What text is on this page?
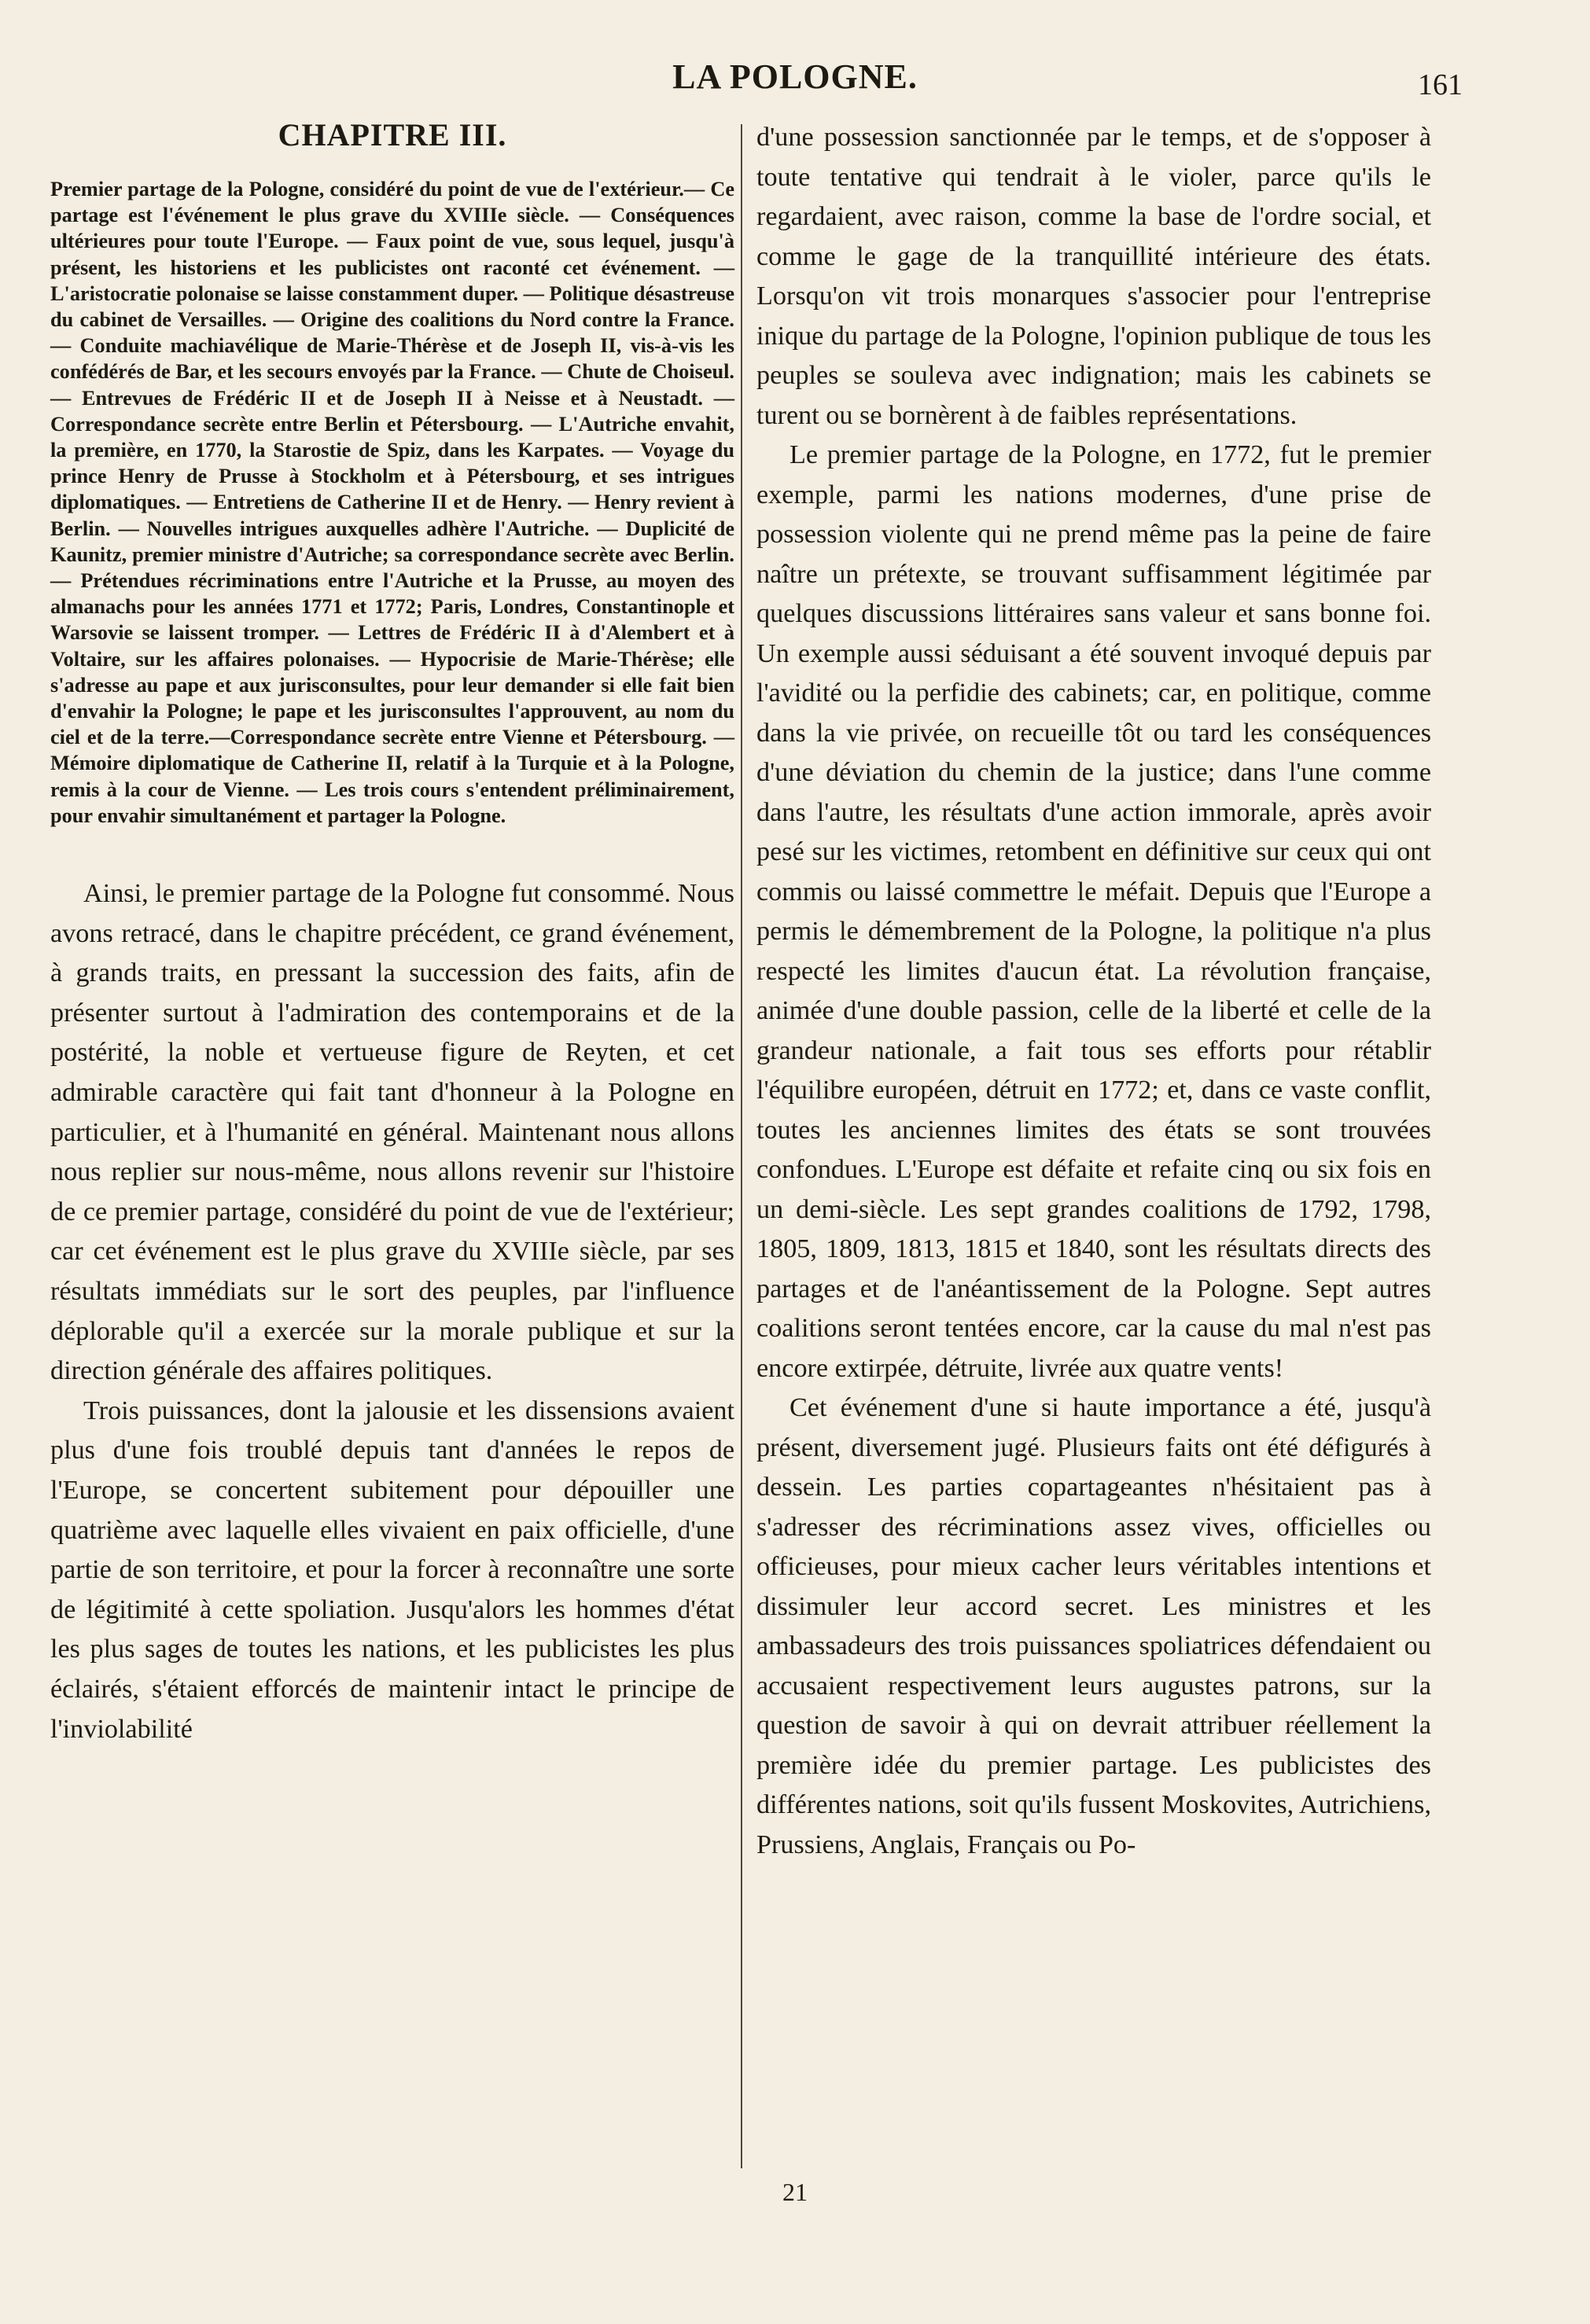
LA POLOGNE.	161
CHAPITRE III.

Premier partage de la Pologne, considéré du point de vue de l'extérieur.— Ce partage est l'événement le plus grave du XVIIIe siècle. — Conséquences ultérieures pour toute l'Europe. — Faux point de vue, sous lequel, jusqu'à présent, les historiens et les publicistes ont raconté cet événement. — L'aristocratie polonaise se laisse constamment duper. — Politique désastreuse du cabinet de Versailles. — Origine des coalitions du Nord contre la France. — Conduite machiavélique de Marie-Thérèse et de Joseph II, vis-à-vis les confédérés de Bar, et les secours envoyés par la France. — Chute de Choiseul. — Entrevues de Frédéric II et de Joseph II à Neisse et à Neustadt. —Correspondance secrète entre Berlin et Pétersbourg. — L'Autriche envahit, la première, en 1770, la Starostie de Spiz, dans les Karpates. — Voyage du prince Henry de Prusse à Stockholm et à Pétersbourg, et ses intrigues diplomatiques. — Entretiens de Catherine II et de Henry. — Henry revient à Berlin. — Nouvelles intrigues auxquelles adhère l'Autriche. — Duplicité de Kaunitz, premier ministre d'Autriche; sa correspondance secrète avec Berlin. — Prétendues récriminations entre l'Autriche et la Prusse, au moyen des almanachs pour les années 1771 et 1772; Paris, Londres, Constantinople et Warsovie se laissent tromper. — Lettres de Frédéric II à d'Alembert et à Voltaire, sur les affaires polonaises. — Hypocrisie de Marie-Thérèse; elle s'adresse au pape et aux jurisconsultes, pour leur demander si elle fait bien d'envahir la Pologne; le pape et les jurisconsultes l'approuvent, au nom du ciel et de la terre.—Correspondance secrète entre Vienne et Pétersbourg. — Mémoire diplomatique de Catherine II, relatif à la Turquie et à la Pologne, remis à la cour de Vienne. — Les trois cours s'entendent préliminairement, pour envahir simultanément et partager la Pologne.

Ainsi, le premier partage de la Pologne fut consommé. Nous avons retracé, dans le chapitre précédent, ce grand événement, à grands traits, en pressant la succession des faits, afin de présenter surtout à l'admiration des contemporains et de la postérité, la noble et vertueuse figure de Reyten, et cet admirable caractère qui fait tant d'honneur à la Pologne en particulier, et à l'humanité en général. Maintenant nous allons nous replier sur nous-même, nous allons revenir sur l'histoire de ce premier partage, considéré du point de vue de l'extérieur; car cet événement est le plus grave du XVIIIe siècle, par ses résultats immédiats sur le sort des peuples, par l'influence déplorable qu'il a exercée sur la morale publique et sur la direction générale des affaires politiques.

Trois puissances, dont la jalousie et les dissensions avaient plus d'une fois troublé depuis tant d'années le repos de l'Europe, se concertent subitement pour dépouiller une quatrième avec laquelle elles vivaient en paix officielle, d'une partie de son territoire, et pour la forcer à reconnaître une sorte de légitimité à cette spoliation. Jusqu'alors les hommes d'état les plus sages de toutes les nations, et les publicistes les plus éclairés, s'étaient efforcés de maintenir intact le principe de l'inviolabilité

d'une possession sanctionnée par le temps, et de s'opposer à toute tentative qui tendrait à le violer, parce qu'ils le regardaient, avec raison, comme la base de l'ordre social, et comme le gage de la tranquillité intérieure des états. Lorsqu'on vit trois monarques s'associer pour l'entreprise inique du partage de la Pologne, l'opinion publique de tous les peuples se souleva avec indignation; mais les cabinets se turent ou se bornèrent à de faibles représentations.

Le premier partage de la Pologne, en 1772, fut le premier exemple, parmi les nations modernes, d'une prise de possession violente qui ne prend même pas la peine de faire naître un prétexte, se trouvant suffisamment légitimée par quelques discussions littéraires sans valeur et sans bonne foi. Un exemple aussi séduisant a été souvent invoqué depuis par l'avidité ou la perfidie des cabinets; car, en politique, comme dans la vie privée, on recueille tôt ou tard les conséquences d'une déviation du chemin de la justice; dans l'une comme dans l'autre, les résultats d'une action immorale, après avoir pesé sur les victimes, retombent en définitive sur ceux qui ont commis ou laissé commettre le méfait. Depuis que l'Europe a permis le démembrement de la Pologne, la politique n'a plus respecté les limites d'aucun état. La révolution française, animée d'une double passion, celle de la liberté et celle de la grandeur nationale, a fait tous ses efforts pour rétablir l'équilibre européen, détruit en 1772; et, dans ce vaste conflit, toutes les anciennes limites des états se sont trouvées confondues. L'Europe est défaite et refaite cinq ou six fois en un demi-siècle. Les sept grandes coalitions de 1792, 1798, 1805, 1809, 1813, 1815 et 1840, sont les résultats directs des partages et de l'anéantissement de la Pologne. Sept autres coalitions seront tentées encore, car la cause du mal n'est pas encore extirpée, détruite, livrée aux quatre vents!

Cet événement d'une si haute importance a été, jusqu'à présent, diversement jugé. Plusieurs faits ont été défigurés à dessein. Les parties copartageantes n'hésitaient pas à s'adresser des récriminations assez vives, officielles ou officieuses, pour mieux cacher leurs véritables intentions et dissimuler leur accord secret. Les ministres et les ambassadeurs des trois puissances spoliatrices défendaient ou accusaient respectivement leurs augustes patrons, sur la question de savoir à qui on devrait attribuer réellement la première idée du premier partage. Les publicistes des différentes nations, soit qu'ils fussent Moskovites, Autrichiens, Prussiens, Anglais, Français ou Po-

21
